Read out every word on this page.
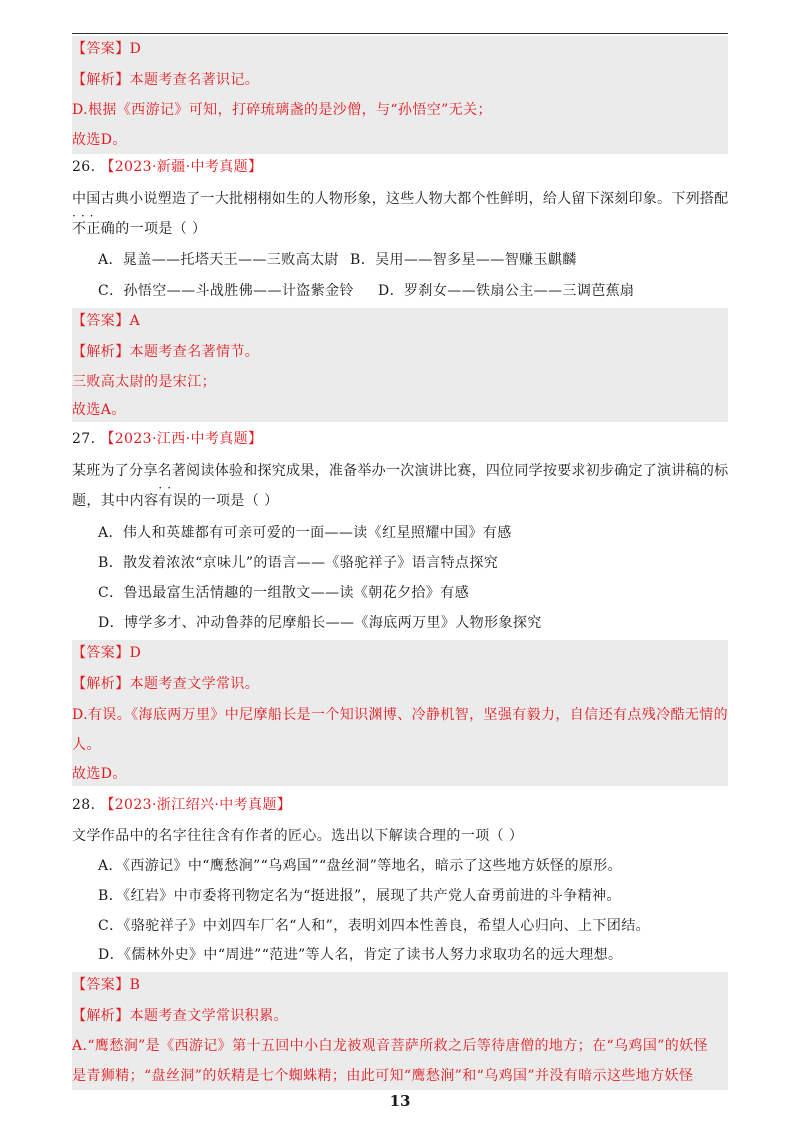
【答案】D
【解析】本题考查名著识记。
D.根据《西游记》可知，打碎琉璃盏的是沙僧，与“孙悟空”无关；
故选D。
26. 【2023·新疆·中考真题】
中国古典小说塑造了一大批栩栩如生的人物形象，这些人物大都个性鲜明，给人留下深刻印象。下列搭配
···
不正确的一项是（ ）
A．晁盖——托塔天王——三败高太尉 B．吴用——智多星——智赚玉麒麟
C．孙悟空——斗战胜佛——计盗紫金铃 D．罗刹女——铁扇公主——三调芭蕉扇
【答案】A
【解析】本题考查名著情节。
三败高太尉的是宋江；
故选A。
27. 【2023·江西·中考真题】
某班为了分享名著阅读体验和探究成果，准备举办一次演讲比赛，四位同学按要求初步确定了演讲稿的标
题，其中内容
··
有误的一项是（ ）
A．伟人和英雄都有可亲可爱的一面——读《红星照耀中国》有感
B．散发着浓浓“京味儿”的语言——《骆驼祥子》语言特点探究
C．鲁迅最富生活情趣的一组散文——读《朝花夕拾》有感
D．博学多才、冲动鲁莽的尼摩船长——《海底两万里》人物形象探究
【答案】D
【解析】本题考查文学常识。
D.有误。《海底两万里》中尼摩船长是一个知识渊博、冷静机智，坚强有毅力，自信还有点残冷酷无情的
人。
故选D。
28. 【2023·浙江绍兴·中考真题】
文学作品中的名字往往含有作者的匠心。选出以下解读合理的一项（ ）
A．《西游记》中“鹰愁涧”“乌鸡国”“盘丝洞”等地名，暗示了这些地方妖怪的原形。
B．《红岩》中市委将刊物定名为“挺进报”，展现了共产党人奋勇前进的斗争精神。
C．《骆驼祥子》中刘四车厂名“人和”，表明刘四本性善良，希望人心归向、上下团结。
D．《儒林外史》中“周进”“范进”等人名，肯定了读书人努力求取功名的远大理想。
【答案】B
【解析】本题考查文学常识积累。
A.“鹰愁涧”是《西游记》第十五回中小白龙被观音菩萨所救之后等待唐僧的地方；在“乌鸡国”的妖怪
是青狮精；“盘丝洞”的妖精是七个蜘蛛精；由此可知“鹰愁涧”和“乌鸡国”并没有暗示这些地方妖怪
13
